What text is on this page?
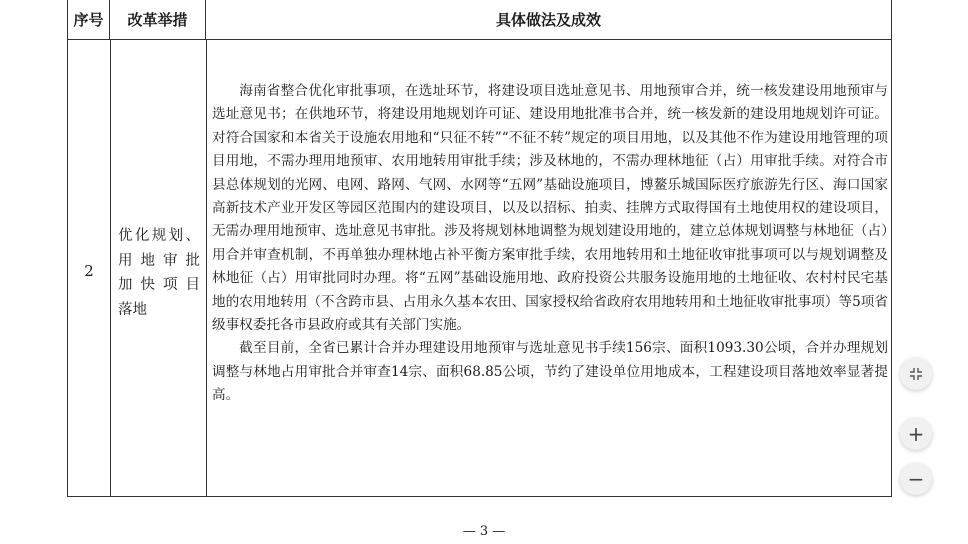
序号 改革举措	具体做法及成效
2
优化规划、
用地审批
加快项目
落地

海南省整合优化审批事项，在选址环节，将建设项目选址意见书、用地预审合并，统一核发建设用地预审与选址意见书；在供地环节，将建设用地规划许可证、建设用地批准书合并，统一核发新的建设用地规划许可证。对符合国家和本省关于设施农用地和“只征不转”“不征不转”规定的项目用地，以及其他不作为建设用地管理的项目用地，不需办理用地预审、农用地转用审批手续；涉及林地的，不需办理林地征（占）用审批手续。对符合市县总体规划的光网、电网、路网、气网、水网等“五网”基础设施项目，博鳌乐城国际医疗旅游先行区、海口国家高新技术产业开发区等园区范围内的建设项目，以及以招标、拍卖、挂牌方式取得国有土地使用权的建设项目，无需办理用地预审、选址意见书审批。涉及将规划林地调整为规划建设用地的，建立总体规划调整与林地征（占）用合并审查机制，不再单独办理林地占补平衡方案审批手续，农用地转用和土地征收审批事项可以与规划调整及林地征（占）用审批同时办理。将“五网”基础设施用地、政府投资公共服务设施用地的土地征收、农村村民宅基地的农用地转用（不含跨市县、占用永久基本农田、国家授权给省政府农用地转用和土地征收审批事项）等5项省级事权委托各市县政府或其有关部门实施。

截至目前，全省已累计合并办理建设用地预审与选址意见书手续156宗、面积1093.30公顷，合并办理规划调整与林地占用审批合并审查14宗、面积68.85公顷，节约了建设单位用地成本，工程建设项目落地效率显著提高。

— 3 —
+
−
